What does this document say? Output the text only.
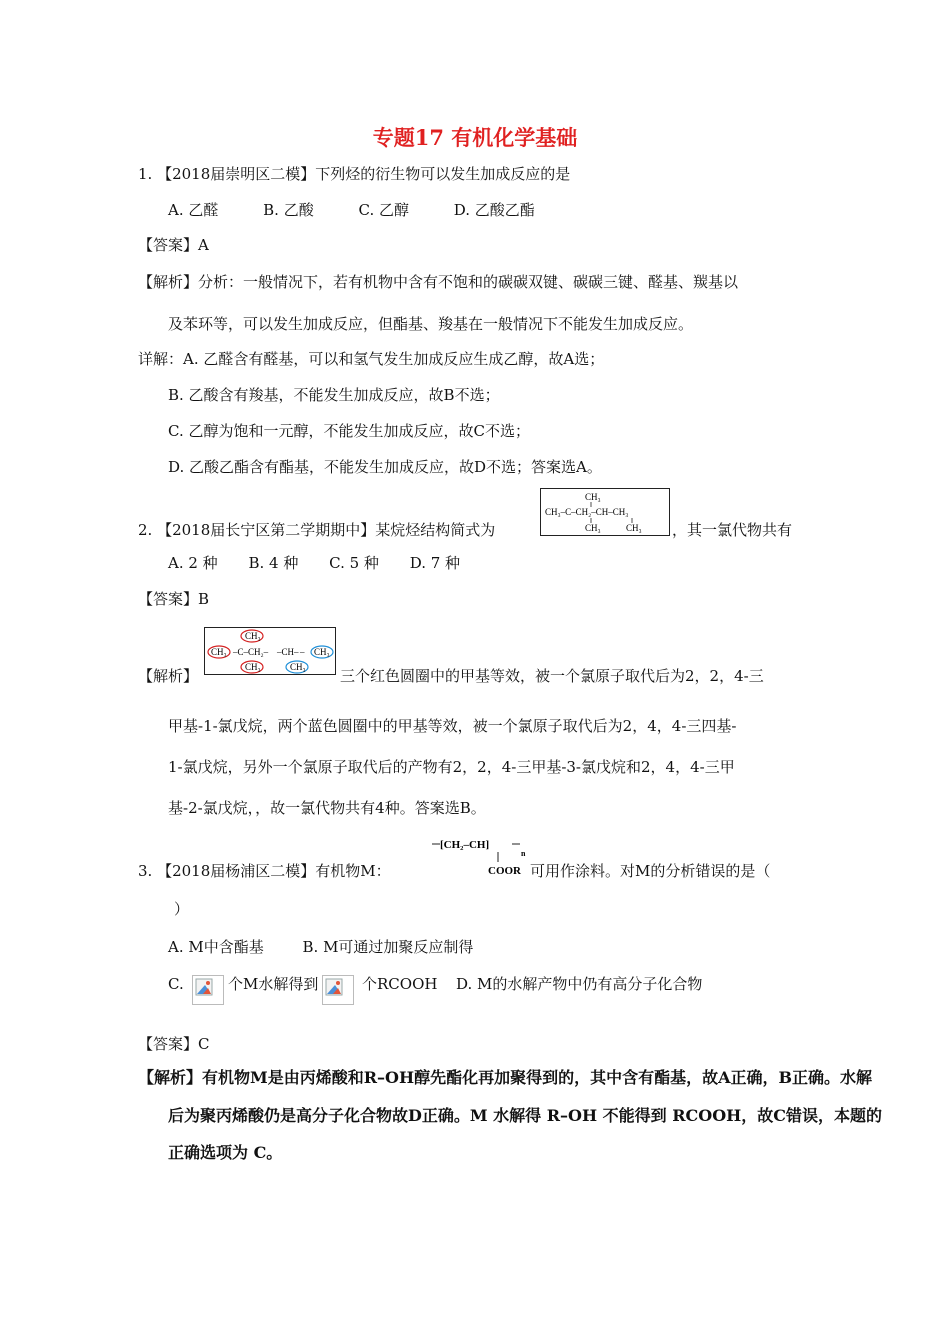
专题17 有机化学基础
1. 【2018届崇明区二模】下列烃的衍生物可以发生加成反应的是
A. 乙醛	B. 乙酸	C. 乙醇	D. 乙酸乙酯
【答案】A
【解析】分析：一般情况下，若有机物中含有不饱和的碳碳双键、碳碳三键、醛基、羰基以
及苯环等，可以发生加成反应，但酯基、羧基在一般情况下不能发生加成反应。
详解：A. 乙醛含有醛基，可以和氢气发生加成反应生成乙醇，故A选；
B. 乙酸含有羧基，不能发生加成反应，故B不选；
C. 乙醇为饱和一元醇，不能发生加成反应，故C不选；
D. 乙酸乙酯含有酯基，不能发生加成反应，故D不选；答案选A。
2. 【2018届长宁区第二学期期中】某烷烃结构简式为
CH₃
CH₃–C–CH₂–CH–CH₃
CH₃	CH₃ ，其一氯代物共有
A. 2 种 B. 4 种 C. 5 种 D. 7 种
【答案】B
【解析】
CH₃
CH₃ –C–CH₂–	CH₃
–
CH₃	CH₃
–CH–
三个红色圆圈中的甲基等效，被一个氯原子取代后为2，2，4-三
甲基-1-氯戊烷，两个蓝色圆圈中的甲基等效，被一个氯原子取代后为2，4，4-三四基-
1-氯戊烷，另外一个氯原子取代后的产物有2，2，4-三甲基-3-氯戊烷和2，4，4-三甲
基-2-氯戊烷，，故一氯代物共有4种。答案选B。
3. 【2018届杨浦区二模】有机物M：
[CH₂–CH]
n
COOR 可用作涂料。对M的分析错误的是（
）
A. M中含酯基	B. M可通过加聚反应制得
C.	个M水解得到	个RCOOH D. M的水解产物中仍有高分子化合物
【答案】C
【解析】有机物M是由丙烯酸和R–OH醇先酯化再加聚得到的，其中含有酯基，故A正确，B正确。水解
后为聚丙烯酸仍是高分子化合物故D正确。M 水解得 R–OH 不能得到 RCOOH，故C错误，本题的
正确选项为 C。
